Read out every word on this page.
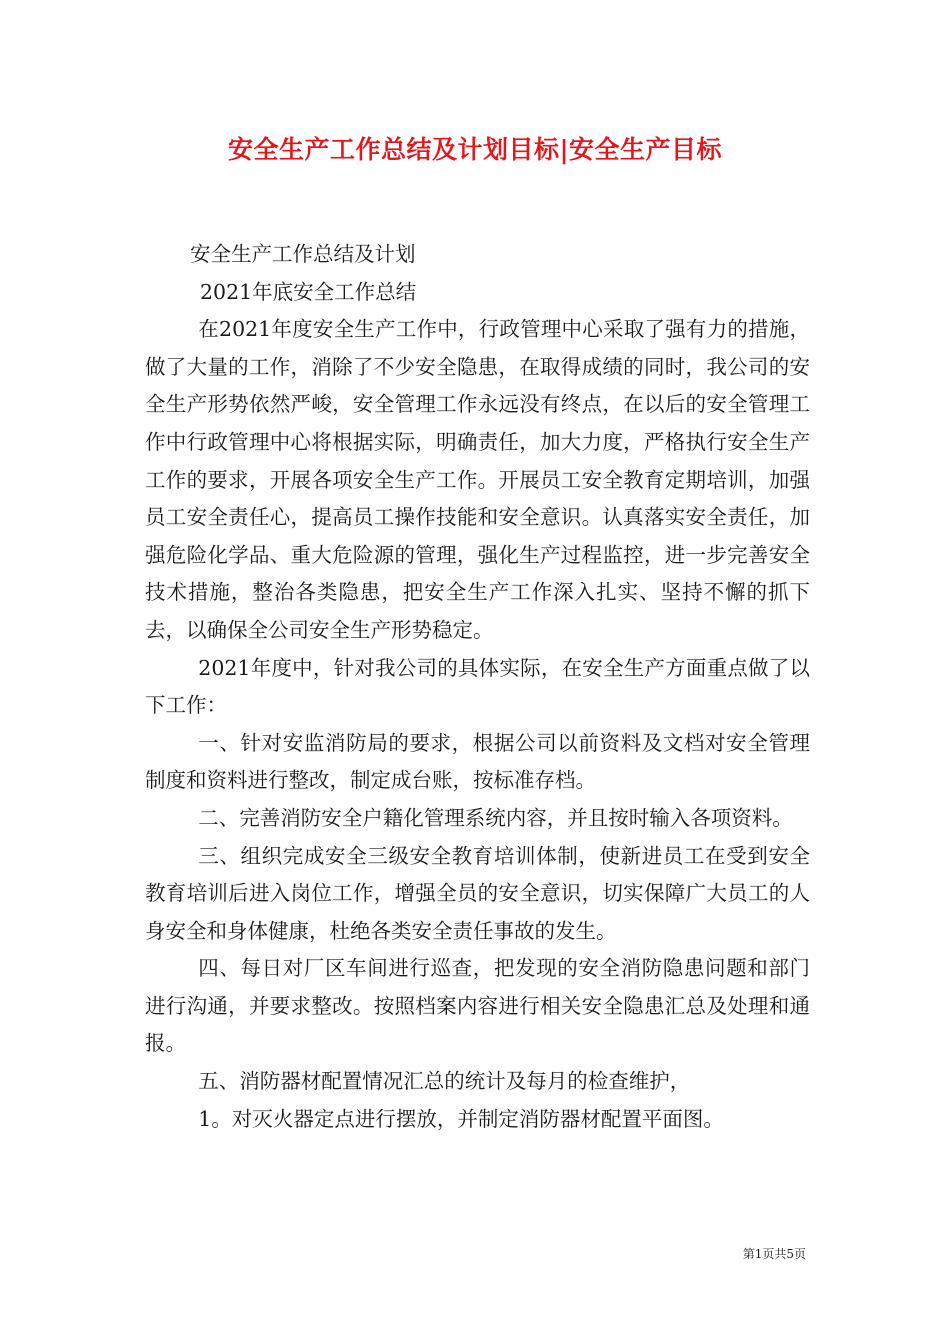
安全生产工作总结及计划目标|安全生产目标

安全生产工作总结及计划

2021年底安全工作总结

在2021年度安全生产工作中，行政管理中心采取了强有力的措施，做了大量的工作，消除了不少安全隐患，在取得成绩的同时，我公司的安全生产形势依然严峻，安全管理工作永远没有终点，在以后的安全管理工作中行政管理中心将根据实际，明确责任，加大力度，严格执行安全生产工作的要求，开展各项安全生产工作。开展员工安全教育定期培训，加强员工安全责任心，提高员工操作技能和安全意识。认真落实安全责任，加强危险化学品、重大危险源的管理，强化生产过程监控，进一步完善安全技术措施，整治各类隐患，把安全生产工作深入扎实、坚持不懈的抓下去，以确保全公司安全生产形势稳定。

2021年度中，针对我公司的具体实际，在安全生产方面重点做了以下工作：

一、针对安监消防局的要求，根据公司以前资料及文档对安全管理制度和资料进行整改，制定成台账，按标准存档。

二、完善消防安全户籍化管理系统内容，并且按时输入各项资料。

三、组织完成安全三级安全教育培训体制，使新进员工在受到安全教育培训后进入岗位工作，增强全员的安全意识，切实保障广大员工的人身安全和身体健康，杜绝各类安全责任事故的发生。

四、每日对厂区车间进行巡查，把发现的安全消防隐患问题和部门进行沟通，并要求整改。按照档案内容进行相关安全隐患汇总及处理和通报。

五、消防器材配置情况汇总的统计及每月的检查维护，

1。对灭火器定点进行摆放，并制定消防器材配置平面图。

第1页共5页
